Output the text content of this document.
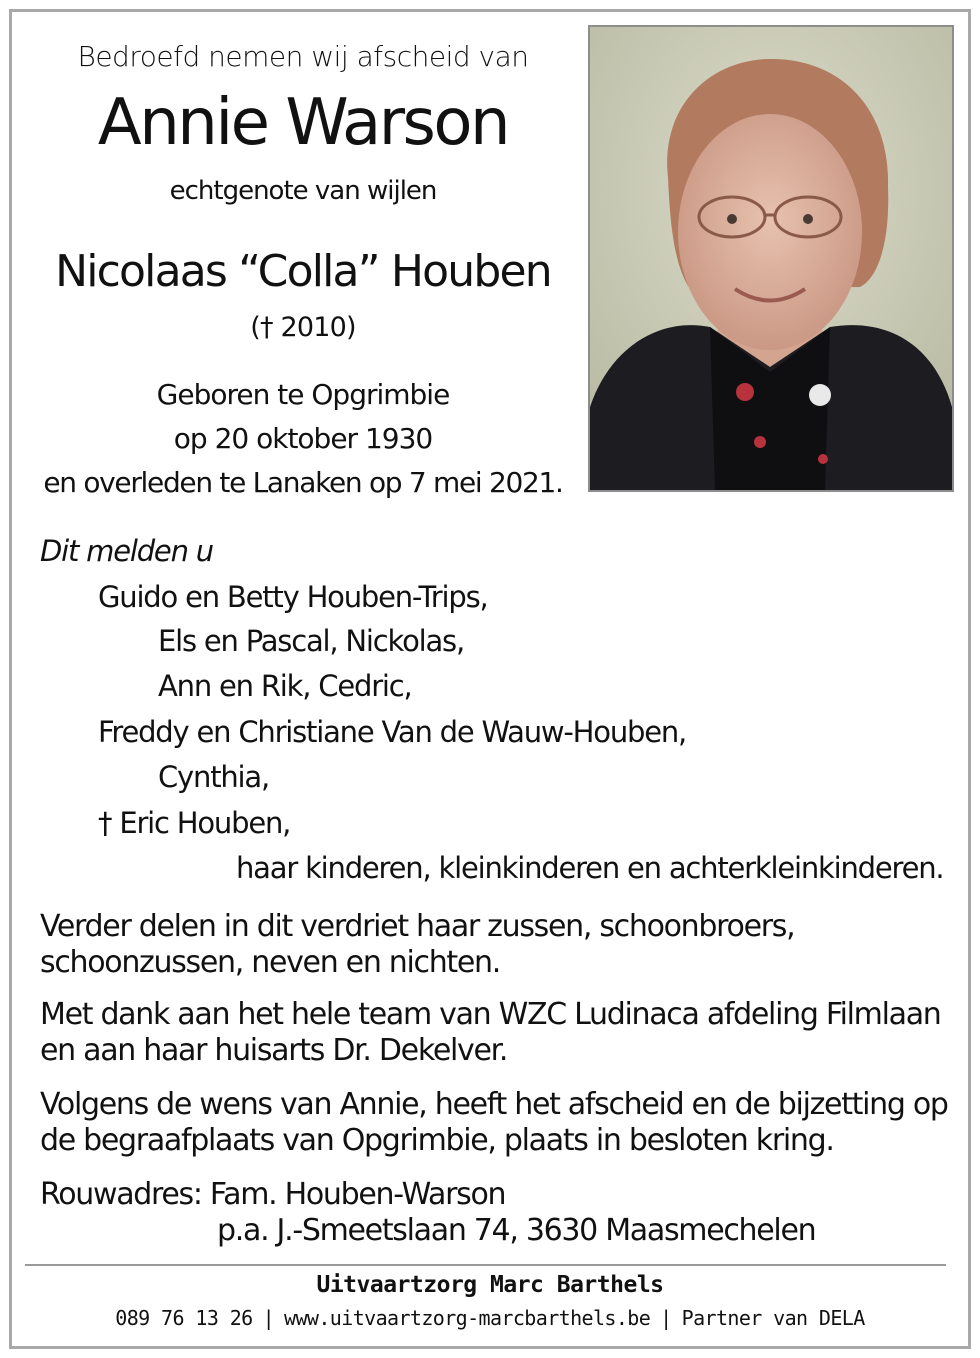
Bedroefd nemen wij afscheid van
Annie Warson
echtgenote van wijlen
Nicolaas “Colla” Houben
(† 2010)
Geboren te Opgrimbie
op 20 oktober 1930
en overleden te Lanaken op 7 mei 2021.
Dit melden u
Guido en Betty Houben-Trips,
Els en Pascal, Nickolas,
Ann en Rik, Cedric,
Freddy en Christiane Van de Wauw-Houben,
Cynthia,
† Eric Houben,
haar kinderen, kleinkinderen en achterkleinkinderen.
Verder delen in dit verdriet haar zussen, schoonbroers, schoonzussen, neven en nichten.
Met dank aan het hele team van WZC Ludinaca afdeling Filmlaan en aan haar huisarts Dr. Dekelver.
Volgens de wens van Annie, heeft het afscheid en de bijzetting op de begraafplaats van Opgrimbie, plaats in besloten kring.
Rouwadres: Fam. Houben-Warson
p.a. J.-Smeetslaan 74, 3630 Maasmechelen
Uitvaartzorg Marc Barthels
089 76 13 26 | www.uitvaartzorg-marcbarthels.be | Partner van DELA
